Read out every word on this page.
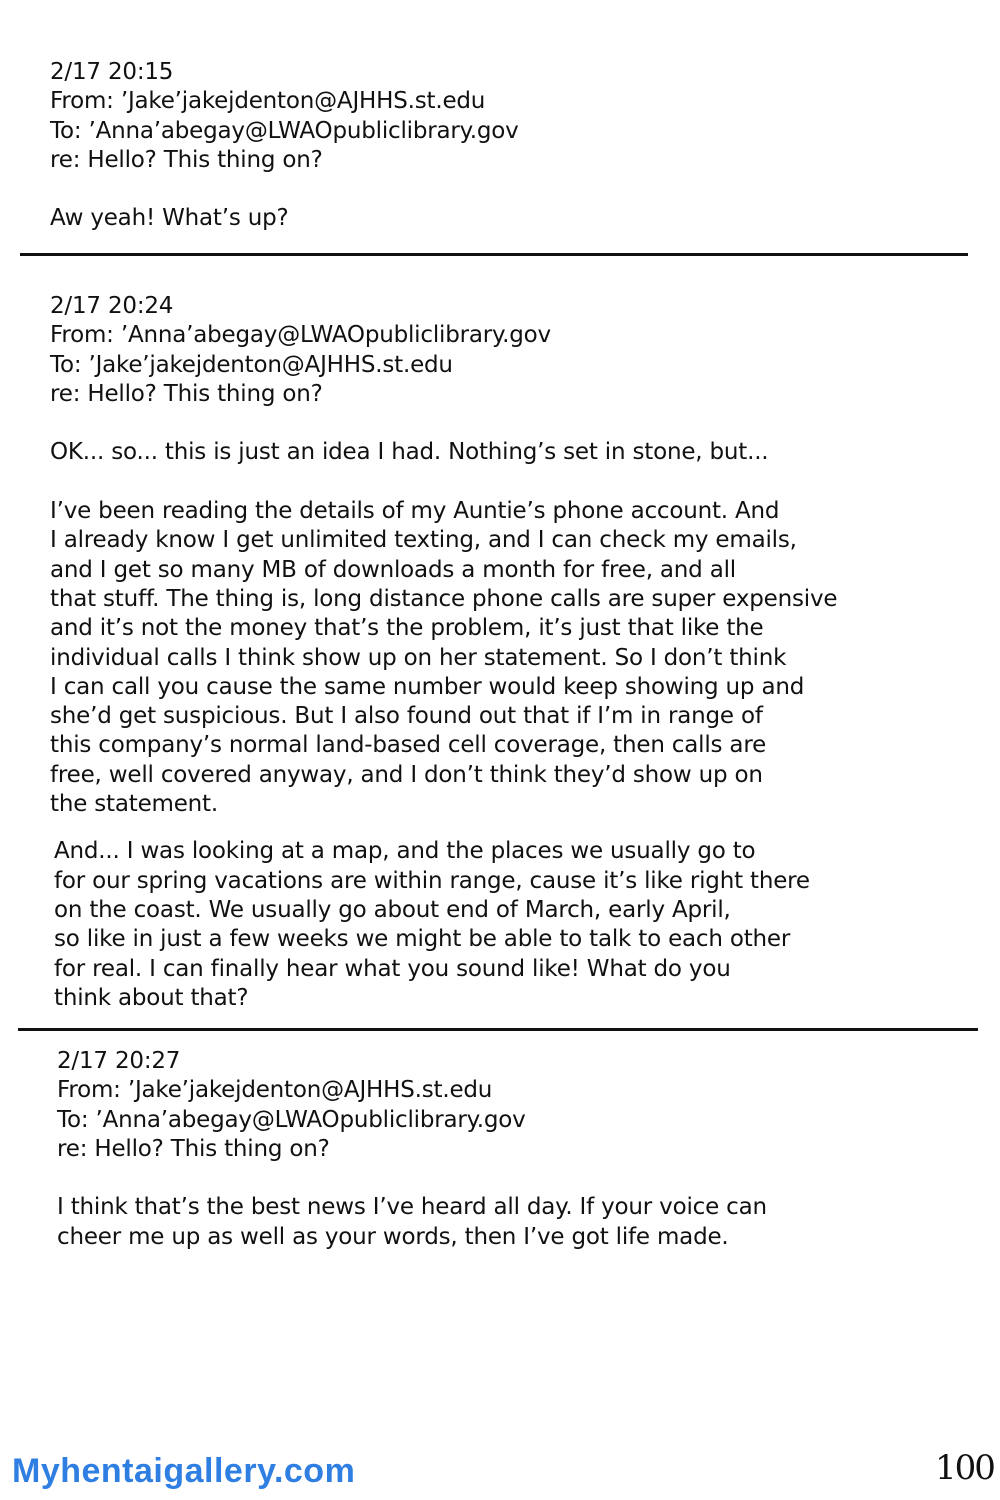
2/17 20:15
From: ’Jake’jakejdenton@AJHHS.st.edu
To: ’Anna’abegay@LWAOpubliclibrary.gov
re: Hello? This thing on?
Aw yeah! What’s up?
2/17 20:24
From: ’Anna’abegay@LWAOpubliclibrary.gov
To: ’Jake’jakejdenton@AJHHS.st.edu
re: Hello? This thing on?
OK... so... this is just an idea I had. Nothing’s set in stone, but...
I’ve been reading the details of my Auntie’s phone account. And
I already know I get unlimited texting, and I can check my emails,
and I get so many MB of downloads a month for free, and all
that stuff. The thing is, long distance phone calls are super expensive
and it’s not the money that’s the problem, it’s just that like the
individual calls I think show up on her statement. So I don’t think
I can call you cause the same number would keep showing up and
she’d get suspicious. But I also found out that if I’m in range of
this company’s normal land-based cell coverage, then calls are
free, well covered anyway, and I don’t think they’d show up on
the statement.
And... I was looking at a map, and the places we usually go to
for our spring vacations are within range, cause it’s like right there
on the coast. We usually go about end of March, early April,
so like in just a few weeks we might be able to talk to each other
for real. I can finally hear what you sound like! What do you
think about that?
2/17 20:27
From: ’Jake’jakejdenton@AJHHS.st.edu
To: ’Anna’abegay@LWAOpubliclibrary.gov
re: Hello? This thing on?
I think that’s the best news I’ve heard all day. If your voice can
cheer me up as well as your words, then I’ve got life made.
Myhentaigallery.com	100
